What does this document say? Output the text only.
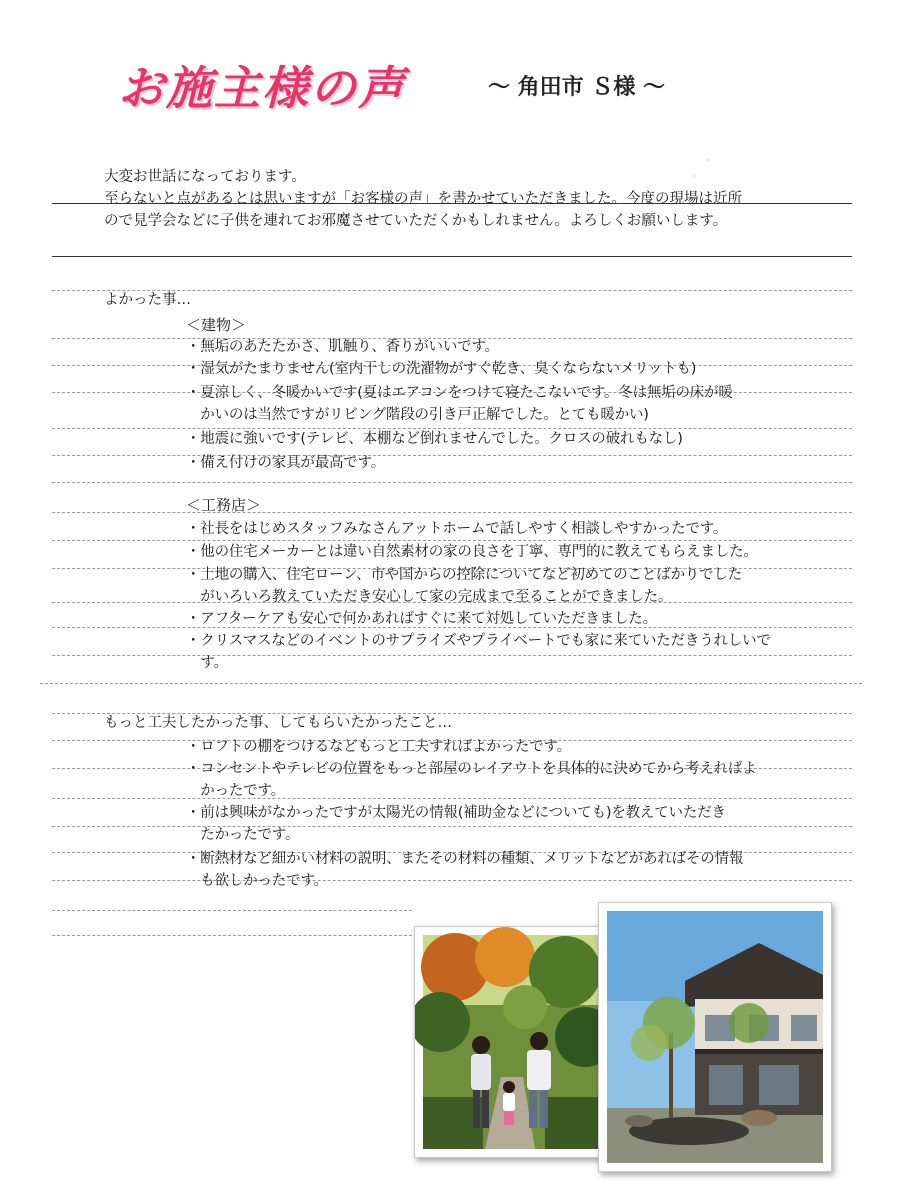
お施主様の声	〜 角田市 Ｓ様 〜
·
·
大変お世話になっております。
至らないと点があるとは思いますが「お客様の声」を書かせていただきました。今度の現場は近所
ので見学会などに子供を連れてお邪魔させていただくかもしれません。よろしくお願いします。
よかった事…
＜建物＞
・無垢のあたたかさ、肌触り、香りがいいです。
・湿気がたまりません(室内干しの洗濯物がすぐ乾き、臭くならないメリットも)
・夏涼しく、冬暖かいです(夏はエアコンをつけて寝たこないです。冬は無垢の床が暖
　かいのは当然ですがリビング階段の引き戸正解でした。とても暖かい)
・地震に強いです(テレビ、本棚など倒れませんでした。クロスの破れもなし)
・備え付けの家具が最高です。
＜工務店＞
・社長をはじめスタッフみなさんアットホームで話しやすく相談しやすかったです。
・他の住宅メーカーとは違い自然素材の家の良さを丁寧、専門的に教えてもらえました。
・土地の購入、住宅ローン、市や国からの控除についてなど初めてのことばかりでした
　がいろいろ教えていただき安心して家の完成まで至ることができました。
・アフターケアも安心で何かあればすぐに来て対処していただきました。
・クリスマスなどのイベントのサプライズやプライベートでも家に来ていただきうれしいで
　す。
もっと工夫したかった事、してもらいたかったこと…
・ロフトの棚をつけるなどもっと工夫すればよかったです。
・コンセントやテレビの位置をもっと部屋のレイアウトを具体的に決めてから考えればよ
　かったです。
・前は興味がなかったですが太陽光の情報(補助金などについても)を教えていただき
　たかったです。
・断熱材など細かい材料の説明、またその材料の種類、メリットなどがあればその情報
　も欲しかったです。
